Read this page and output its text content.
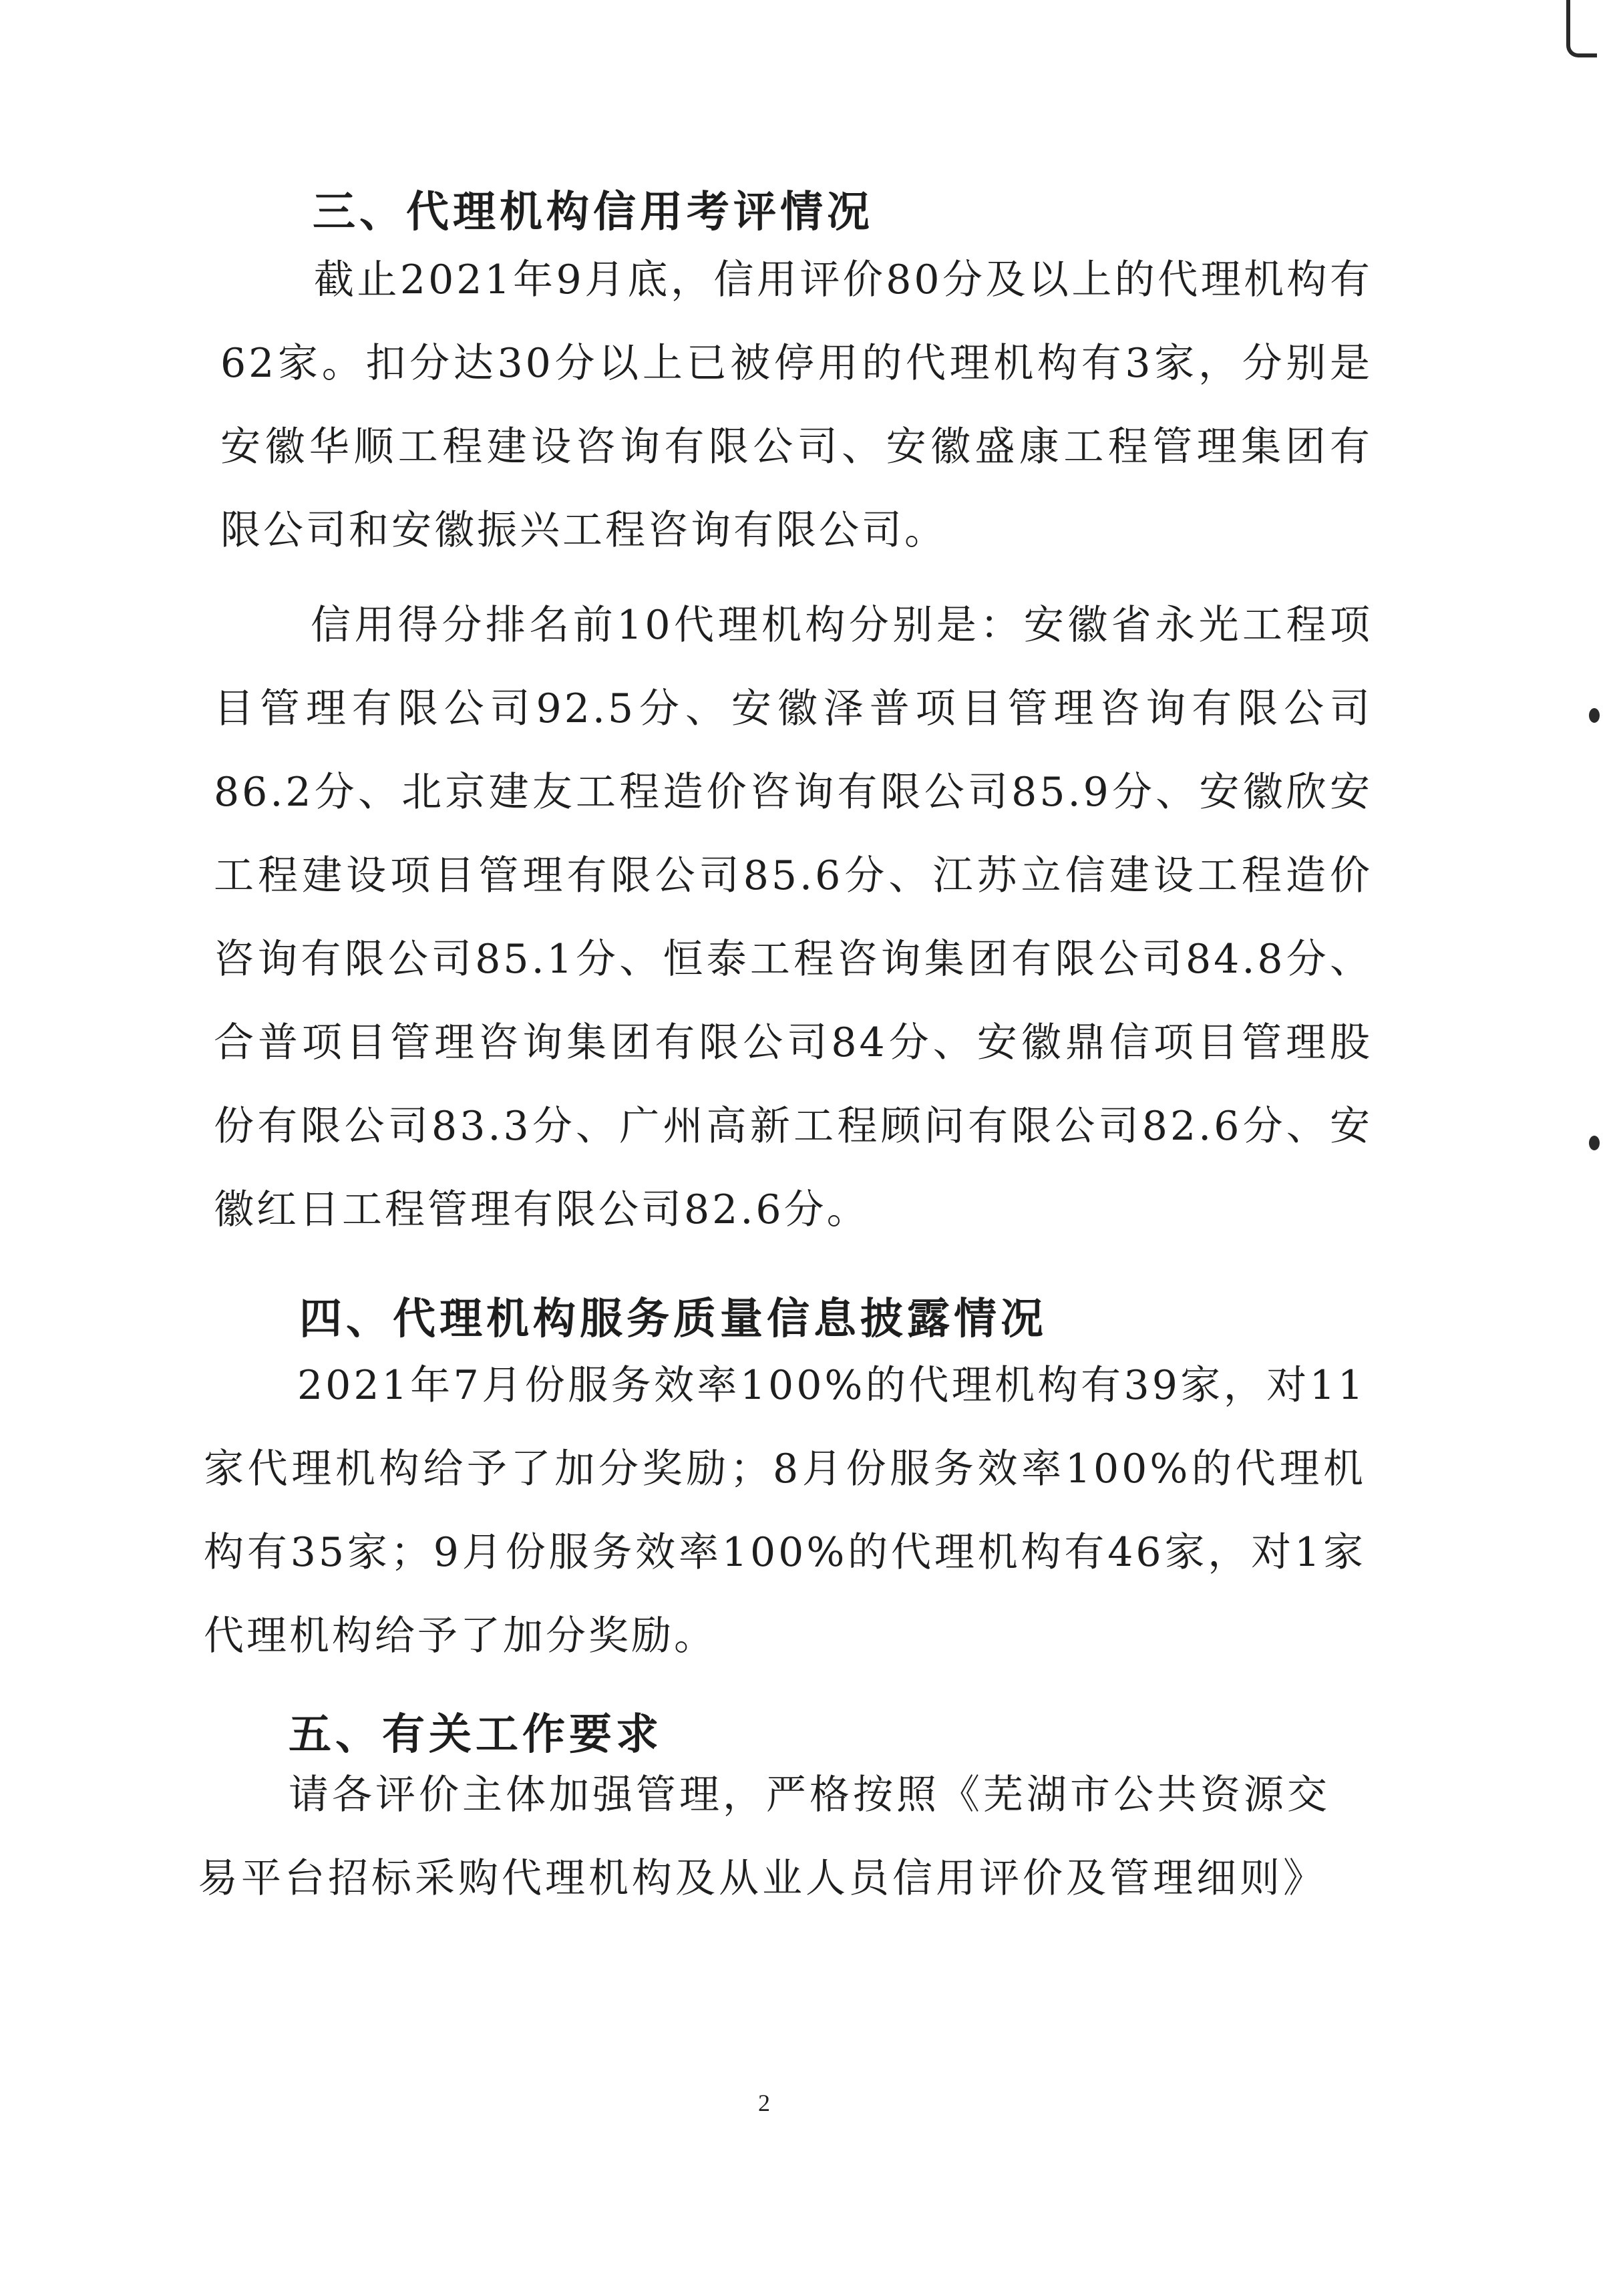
三、代理机构信用考评情况
截止2021年9月底，信用评价80分及以上的代理机构有62家。扣分达30分以上已被停用的代理机构有3家，分别是安徽华顺工程建设咨询有限公司、安徽盛康工程管理集团有限公司和安徽振兴工程咨询有限公司。
信用得分排名前10代理机构分别是：安徽省永光工程项目管理有限公司92.5分、安徽泽普项目管理咨询有限公司86.2分、北京建友工程造价咨询有限公司85.9分、安徽欣安工程建设项目管理有限公司85.6分、江苏立信建设工程造价咨询有限公司85.1分、恒泰工程咨询集团有限公司84.8分、合普项目管理咨询集团有限公司84分、安徽鼎信项目管理股份有限公司83.3分、广州高新工程顾问有限公司82.6分、安徽红日工程管理有限公司82.6分。
四、代理机构服务质量信息披露情况
2021年7月份服务效率100%的代理机构有39家，对11家代理机构给予了加分奖励；8月份服务效率100%的代理机构有35家；9月份服务效率100%的代理机构有46家，对1家代理机构给予了加分奖励。
五、有关工作要求
请各评价主体加强管理，严格按照《芜湖市公共资源交
易平台招标采购代理机构及从业人员信用评价及管理细则》
2
